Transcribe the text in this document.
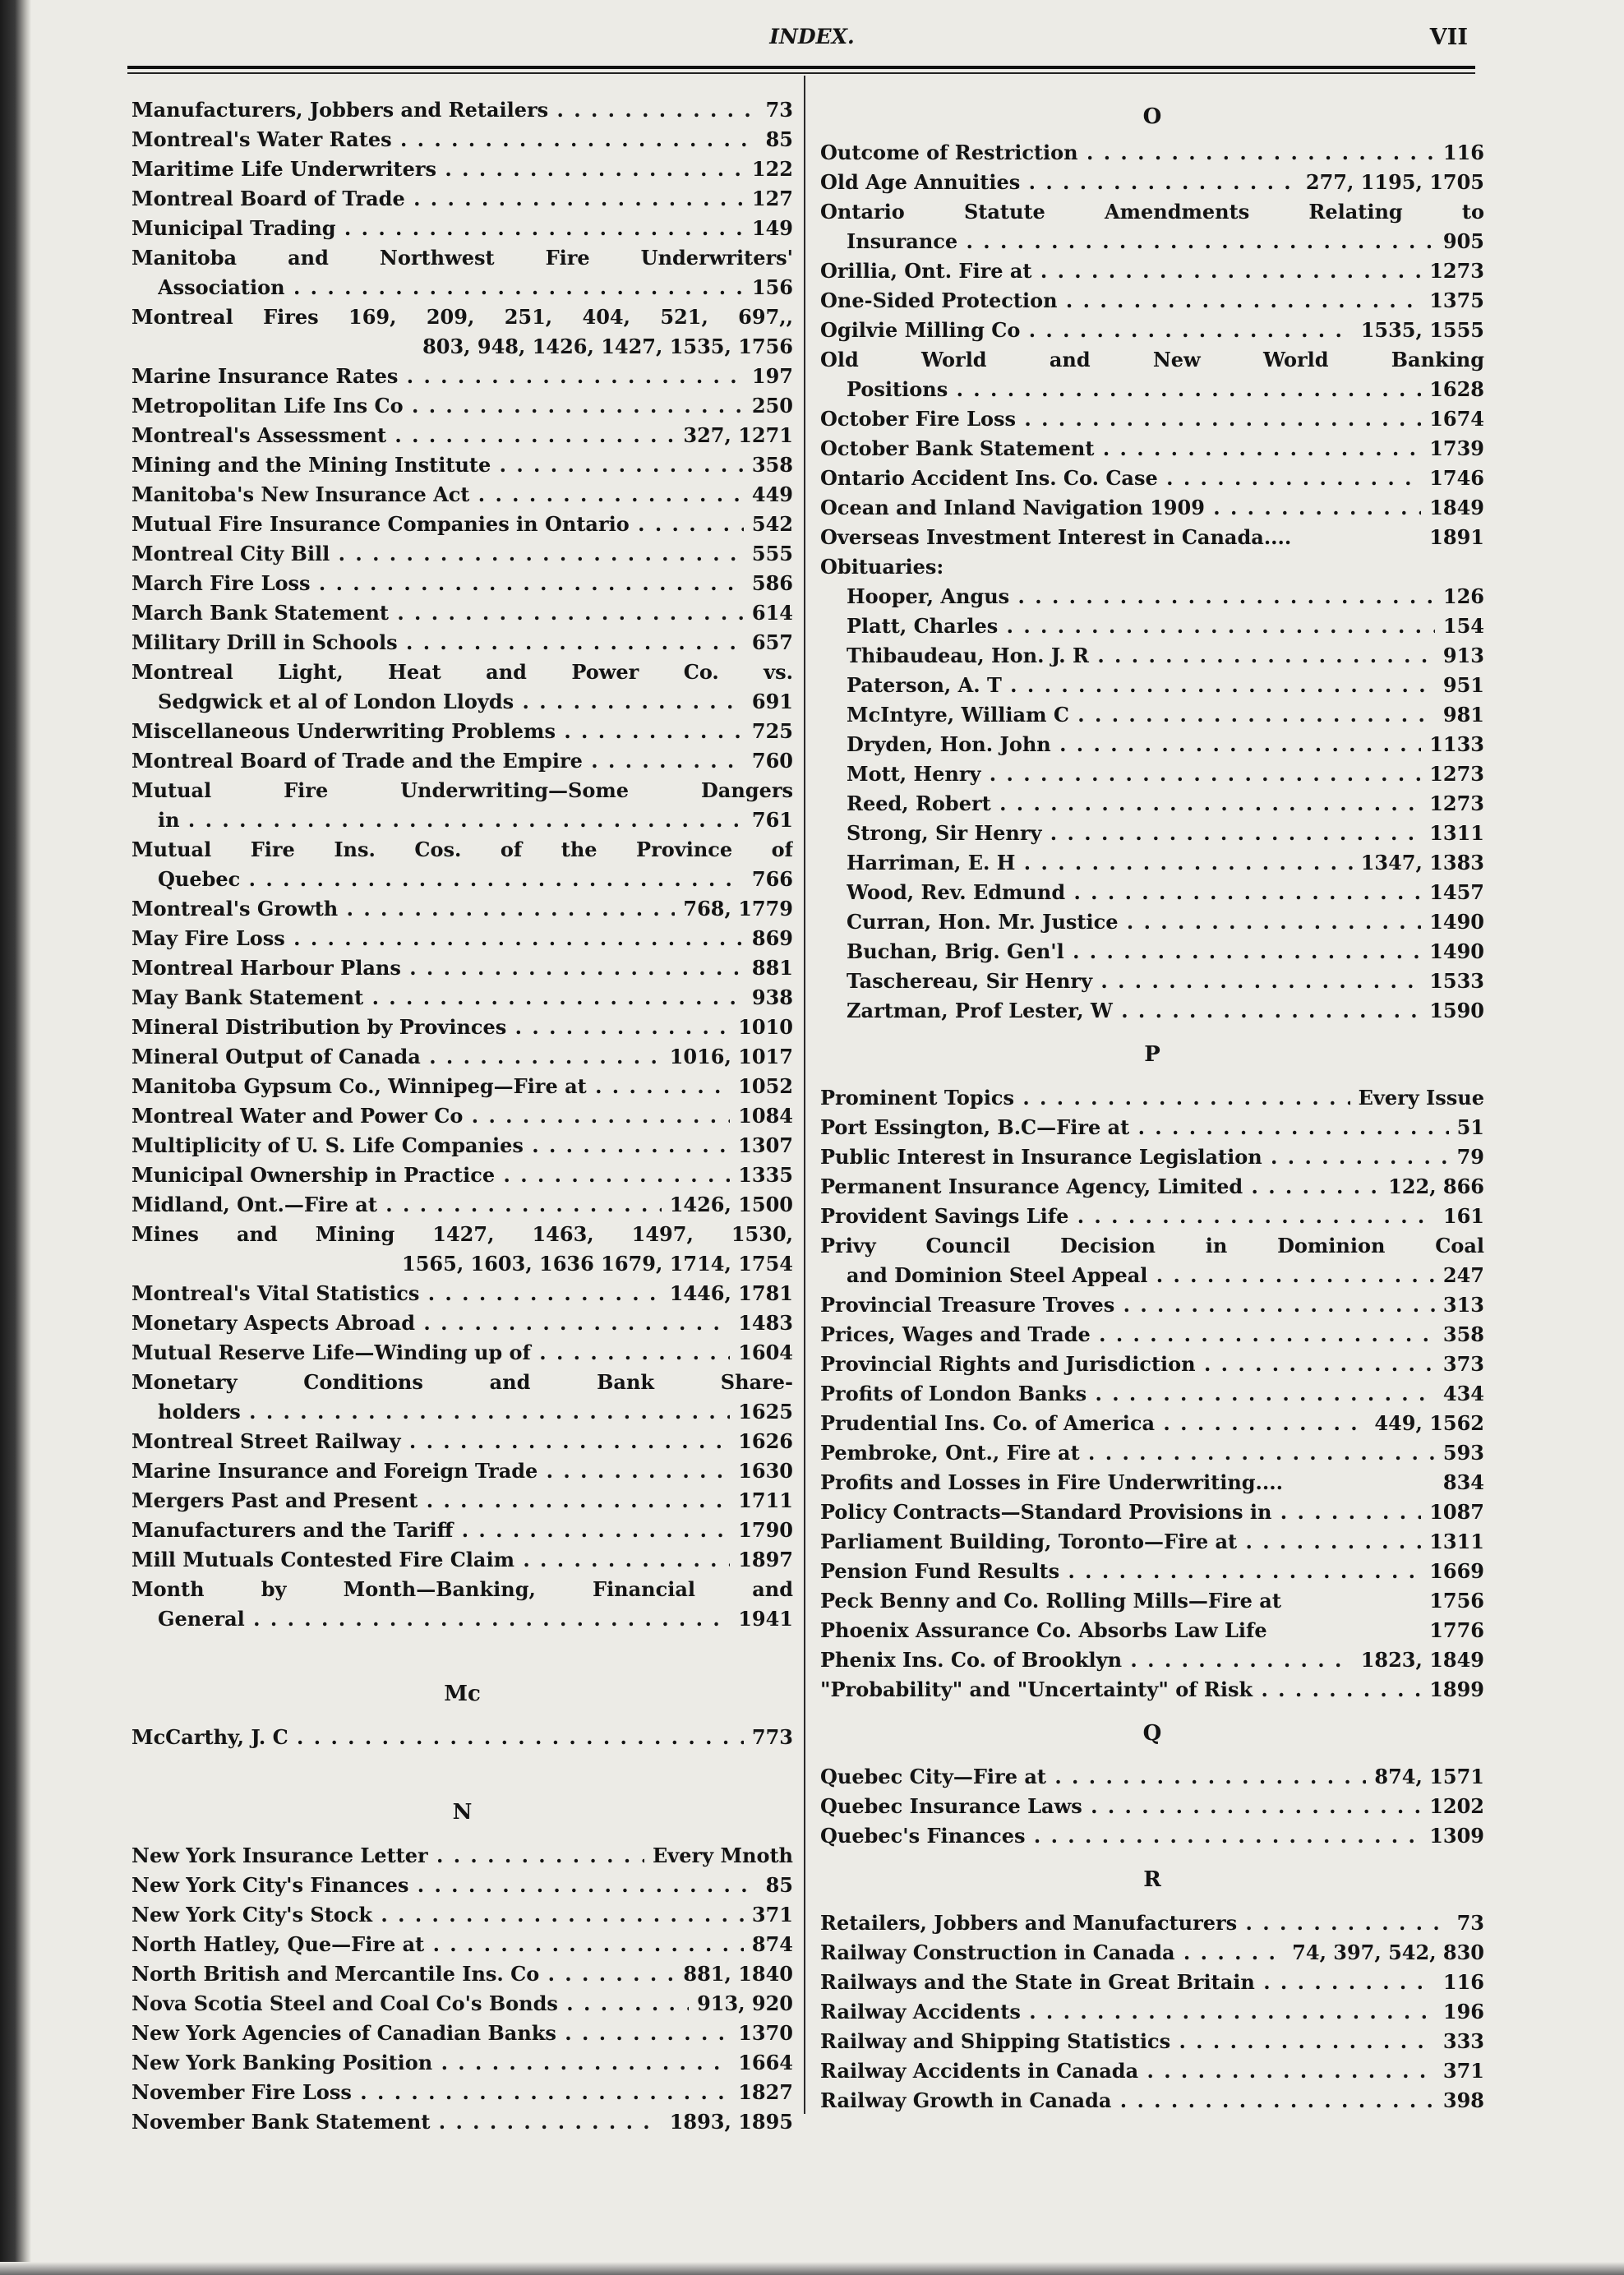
INDEX.	VII
Manufacturers, Jobbers and Retailers . . .	73
Montreal's Water Rates . . .	85
Maritime Life Underwriters . . .	122
Montreal Board of Trade . . .	127
Municipal Trading . . .	149
Manitoba and Northwest Fire Underwriters'
Association . . .	156
Montreal Fires 169, 209, 251, 404, 521, 697,,
803, 948, 1426, 1427, 1535, 1756
Marine Insurance Rates . . .	197
Metropolitan Life Ins Co . . .	250
Montreal's Assessment . . .	327, 1271
Mining and the Mining Institute . . .	358
Manitoba's New Insurance Act . . .	449
Mutual Fire Insurance Companies in Ontario . . .	542
Montreal City Bill . . .	555
March Fire Loss . . .	586
March Bank Statement . . .	614
Military Drill in Schools . . .	657
Montreal Light, Heat and Power Co. vs.
Sedgwick et al of London Lloyds . . .	691
Miscellaneous Underwriting Problems . . .	725
Montreal Board of Trade and the Empire . . .	760
Mutual Fire Underwriting—Some Dangers
in . . .	761
Mutual Fire Ins. Cos. of the Province of
Quebec . . .	766
Montreal's Growth . . .	768, 1779
May Fire Loss . . .	869
Montreal Harbour Plans . . .	881
May Bank Statement . . .	938
Mineral Distribution by Provinces . . .	1010
Mineral Output of Canada . . .	1016, 1017
Manitoba Gypsum Co., Winnipeg—Fire at . . .	1052
Montreal Water and Power Co . . .	1084
Multiplicity of U. S. Life Companies . . .	1307
Municipal Ownership in Practice . . .	1335
Midland, Ont.—Fire at . . .	1426, 1500
Mines and Mining 1427, 1463, 1497, 1530,
1565, 1603, 1636 1679, 1714, 1754
Montreal's Vital Statistics . . .	1446, 1781
Monetary Aspects Abroad . . .	1483
Mutual Reserve Life—Winding up of . . .	1604
Monetary Conditions and Bank Share-
holders . . .	1625
Montreal Street Railway . . .	1626
Marine Insurance and Foreign Trade . . .	1630
Mergers Past and Present . . .	1711
Manufacturers and the Tariff . . .	1790
Mill Mutuals Contested Fire Claim . . .	1897
Month by Month—Banking, Financial and
General . . .	1941
Mc
McCarthy, J. C . . .	773
N
New York Insurance Letter . . .	Every Mnoth
New York City's Finances . . .	85
New York City's Stock . . .	371
North Hatley, Que—Fire at . . .	874
North British and Mercantile Ins. Co . . .	881, 1840
Nova Scotia Steel and Coal Co's Bonds . . .	913, 920
New York Agencies of Canadian Banks . . .	1370
New York Banking Position . . .	1664
November Fire Loss . . .	1827
November Bank Statement . . .	1893, 1895
O
Outcome of Restriction . . .	116
Old Age Annuities . . .	277, 1195, 1705
Ontario Statute Amendments Relating to
Insurance . . .	905
Orillia, Ont. Fire at . . .	1273
One-Sided Protection . . .	1375
Ogilvie Milling Co . . .	1535, 1555
Old World and New World Banking
Positions . . .	1628
October Fire Loss . . .	1674
October Bank Statement . . .	1739
Ontario Accident Ins. Co. Case . . .	1746
Ocean and Inland Navigation 1909 . . .	1849
Overseas Investment Interest in Canada....	1891
Obituaries:
Hooper, Angus . . .	126
Platt, Charles . . .	154
Thibaudeau, Hon. J. R . . .	913
Paterson, A. T . . .	951
McIntyre, William C . . .	981
Dryden, Hon. John . . .	1133
Mott, Henry . . .	1273
Reed, Robert . . .	1273
Strong, Sir Henry . . .	1311
Harriman, E. H . . .	1347, 1383
Wood, Rev. Edmund . . .	1457
Curran, Hon. Mr. Justice . . .	1490
Buchan, Brig. Gen'l . . .	1490
Taschereau, Sir Henry . . .	1533
Zartman, Prof Lester, W . . .	1590
P
Prominent Topics . . .	Every Issue
Port Essington, B.C—Fire at . . .	51
Public Interest in Insurance Legislation . . .	79
Permanent Insurance Agency, Limited . . .	122, 866
Provident Savings Life . . .	161
Privy Council Decision in Dominion Coal
and Dominion Steel Appeal . . .	247
Provincial Treasure Troves . . .	313
Prices, Wages and Trade . . .	358
Provincial Rights and Jurisdiction . . .	373
Profits of London Banks . . .	434
Prudential Ins. Co. of America . . .	449, 1562
Pembroke, Ont., Fire at . . .	593
Profits and Losses in Fire Underwriting....	834
Policy Contracts—Standard Provisions in . . .	1087
Parliament Building, Toronto—Fire at . . .	1311
Pension Fund Results . . .	1669
Peck Benny and Co. Rolling Mills—Fire at	1756
Phoenix Assurance Co. Absorbs Law Life	1776
Phenix Ins. Co. of Brooklyn . . .	1823, 1849
"Probability" and "Uncertainty" of Risk . . .	1899
Q
Quebec City—Fire at . . .	874, 1571
Quebec Insurance Laws . . .	1202
Quebec's Finances . . .	1309
R
Retailers, Jobbers and Manufacturers . . .	73
Railway Construction in Canada . . .	74, 397, 542, 830
Railways and the State in Great Britain . . .	116
Railway Accidents . . .	196
Railway and Shipping Statistics . . .	333
Railway Accidents in Canada . . .	371
Railway Growth in Canada . . .	398
